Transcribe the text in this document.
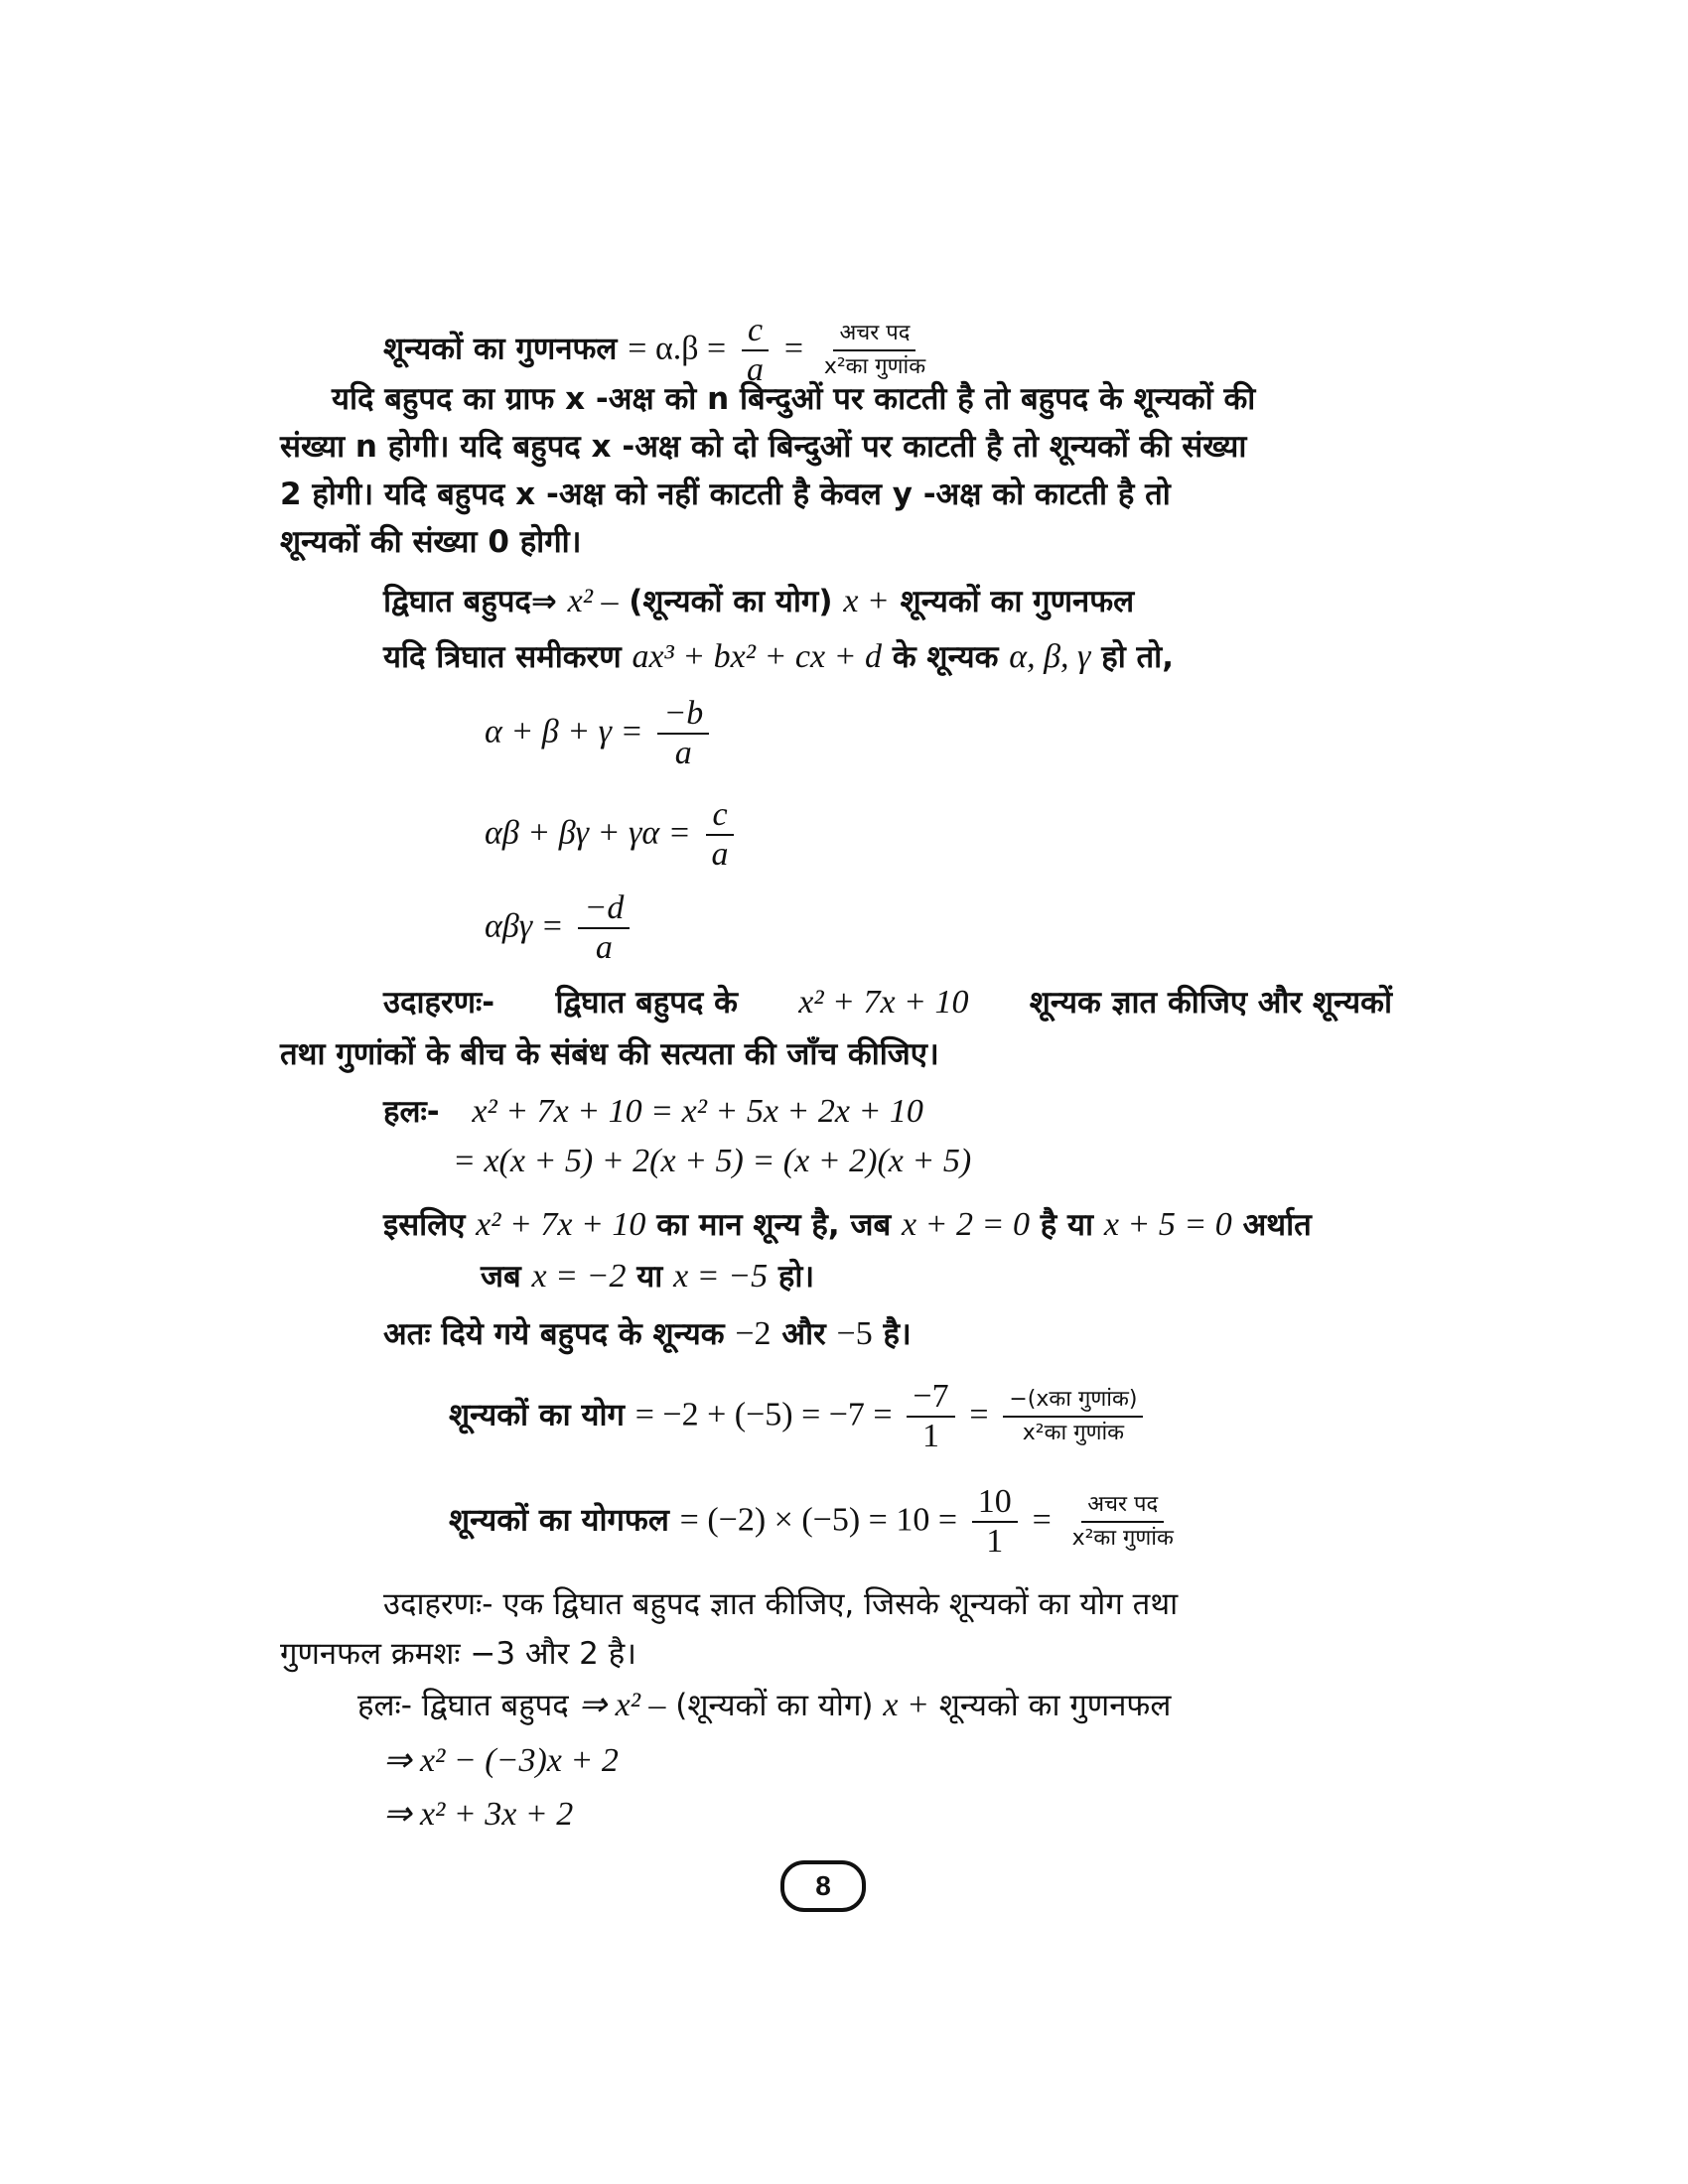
शून्यकों का गुणनफल = $\alpha.\beta = \frac{c}{a} = \frac{\text{अचर पद}}{\text{x²का गुणांक}}$
यदि बहुपद का ग्राफ x -अक्ष को n बिन्दुओं पर काटती है तो बहुपद के शून्यकों की
संख्या n होगी। यदि बहुपद x -अक्ष को दो बिन्दुओं पर काटती है तो शून्यकों की संख्या
2 होगी। यदि बहुपद x -अक्ष को नहीं काटती है केवल y -अक्ष को काटती है तो
शून्यकों की संख्या 0 होगी।
द्विघात बहुपद⇒ x² – (शून्यकों का योग) x + शून्यकों का गुणनफल
यदि त्रिघात समीकरण ax³ + bx² + cx + d के शून्यक α, β, γ हो तो,
$\alpha + \beta + \gamma = \frac{-b}{a}$
$\alpha\beta + \beta\gamma + \gamma\alpha = \frac{c}{a}$
$\alpha\beta\gamma = \frac{-d}{a}$
उदाहरणः- द्विघात बहुपद के x² + 7x + 10 शून्यक ज्ञात कीजिए और शून्यकों
तथा गुणांकों के बीच के संबंध की सत्यता की जाँच कीजिए।
हलः- x² + 7x + 10 = x² + 5x + 2x + 10
= x(x + 5) + 2(x + 5) = (x + 2)(x + 5)
इसलिए x² + 7x + 10 का मान शून्य है, जब x + 2 = 0 है या x + 5 = 0 अर्थात
जब x = −2 या x = −5 हो।
अतः दिये गये बहुपद के शून्यक −2 और −5 है।
शून्यकों का योग = $-2 + (-5) = -7 = \frac{-7}{1} = \frac{\text{−(xका गुणांक)}}{\text{x²का गुणांक}}$
शून्यकों का योगफल = $(-2) \times (-5) = 10 = \frac{10}{1} = \frac{\text{अचर पद}}{\text{x²का गुणांक}}$
उदाहरणः- एक द्विघात बहुपद ज्ञात कीजिए, जिसके शून्यकों का योग तथा
गुणनफल क्रमशः −3 और 2 है।
हलः- द्विघात बहुपद ⇒ x² – (शून्यकों का योग) x + शून्यको का गुणनफल
⇒ x² − (−3)x + 2
⇒ x² + 3x + 2
8
